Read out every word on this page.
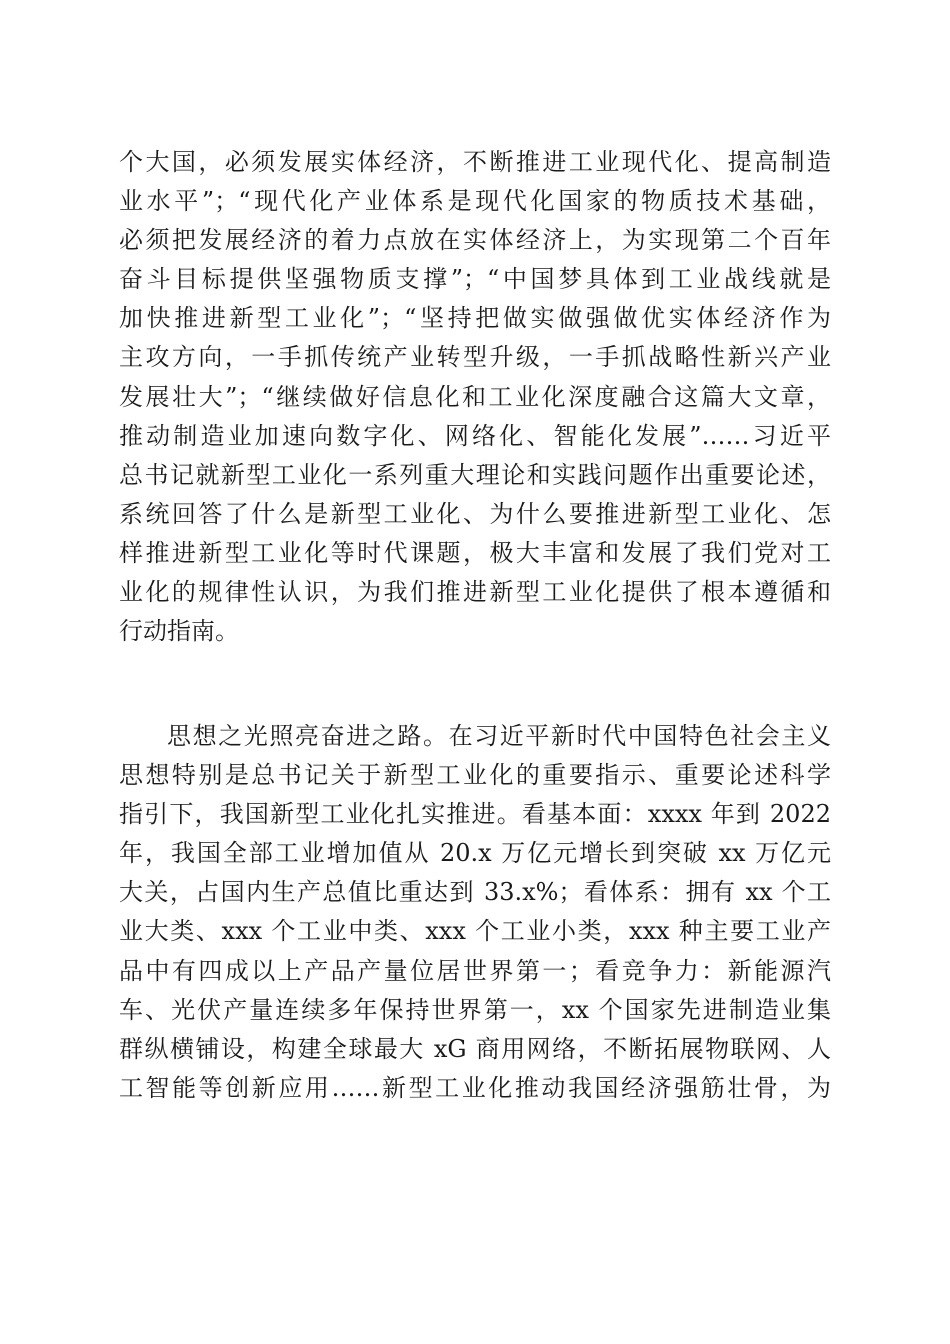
个大国，必须发展实体经济，不断推进工业现代化、提高制造
业水平”；“现代化产业体系是现代化国家的物质技术基础，
必须把发展经济的着力点放在实体经济上，为实现第二个百年
奋斗目标提供坚强物质支撑”；“中国梦具体到工业战线就是
加快推进新型工业化”；“坚持把做实做强做优实体经济作为
主攻方向，一手抓传统产业转型升级，一手抓战略性新兴产业
发展壮大”；“继续做好信息化和工业化深度融合这篇大文章，
推动制造业加速向数字化、网络化、智能化发展”……习近平
总书记就新型工业化一系列重大理论和实践问题作出重要论述，
系统回答了什么是新型工业化、为什么要推进新型工业化、怎
样推进新型工业化等时代课题，极大丰富和发展了我们党对工
业化的规律性认识，为我们推进新型工业化提供了根本遵循和
行动指南。
思想之光照亮奋进之路。在习近平新时代中国特色社会主义
思想特别是总书记关于新型工业化的重要指示、重要论述科学
指引下，我国新型工业化扎实推进。看基本面：xxxx 年到 2022
年，我国全部工业增加值从 20.x 万亿元增长到突破 xx 万亿元
大关，占国内生产总值比重达到 33.x%；看体系：拥有 xx 个工
业大类、xxx 个工业中类、xxx 个工业小类，xxx 种主要工业产
品中有四成以上产品产量位居世界第一；看竞争力：新能源汽
车、光伏产量连续多年保持世界第一，xx 个国家先进制造业集
群纵横铺设，构建全球最大 xG 商用网络，不断拓展物联网、人
工智能等创新应用……新型工业化推动我国经济强筋壮骨，为
